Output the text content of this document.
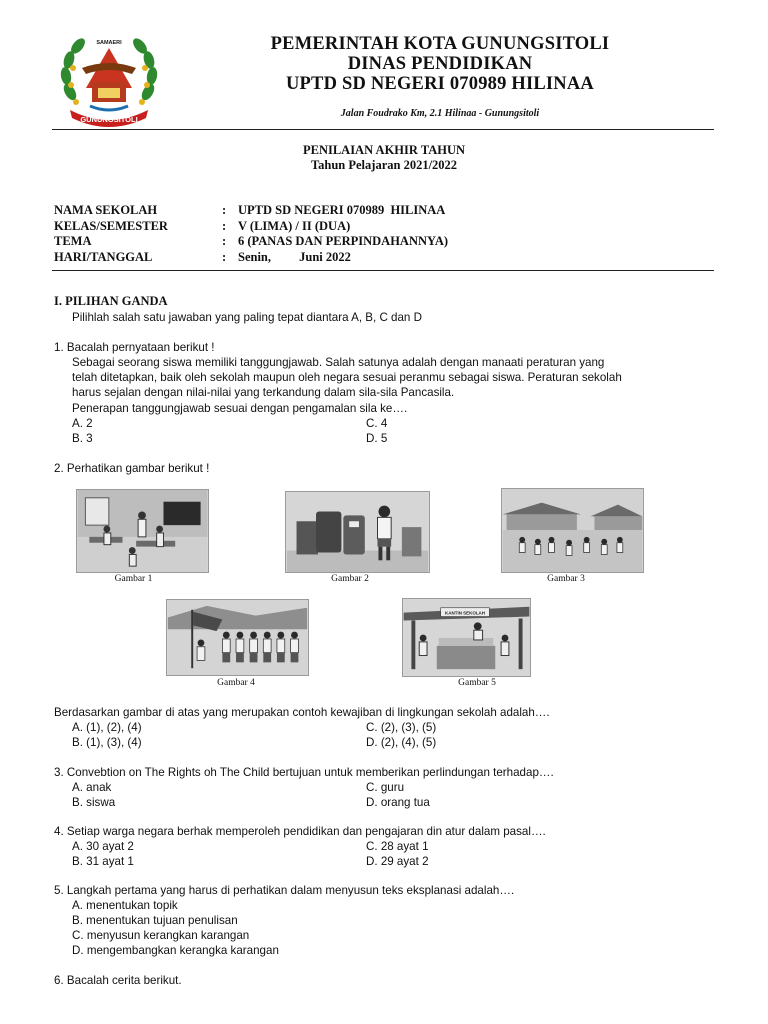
GUNUNGSITOLI
SAMAERI	PEMERINTAH KOTA GUNUNGSITOLI
DINAS PENDIDIKAN
UPTD SD NEGERI 070989 HILINAA
Jalan Foudrako Km, 2.1 Hilinaa - Gunungsitoli
PENILAIAN AKHIR TAHUN
Tahun Pelajaran 2021/2022
NAMA SEKOLAH	: UPTD SD NEGERI 070989  HILINAA
KELAS/SEMESTER	: V (LIMA) / II (DUA)
TEMA	: 6 (PANAS DAN PERPINDAHANNYA)
HARI/TANGGAL	: Senin,         Juni 2022
I. PILIHAN GANDA
Pilihlah salah satu jawaban yang paling tepat diantara A, B, C dan D
1. Bacalah pernyataan berikut !
Sebagai seorang siswa memiliki tanggungjawab. Salah satunya adalah dengan manaati peraturan yang
telah ditetapkan, baik oleh sekolah maupun oleh negara sesuai peranmu sebagai siswa. Peraturan sekolah
harus sejalan dengan nilai-nilai yang terkandung dalam sila-sila Pancasila.
Penerapan tanggungjawab sesuai dengan pengamalan sila ke….
A. 2
B. 3
C. 4
D. 5
2. Perhatikan gambar berikut !
Gambar 1	Gambar 2	Gambar 3
Gambar 4
KANTIN SEKOLAH
Gambar 5
Berdasarkan gambar di atas yang merupakan contoh kewajiban di lingkungan sekolah adalah….
A. (1), (2), (4)
B. (1), (3), (4)
C. (2), (3), (5)
D. (2), (4), (5)
3. Convebtion on The Rights oh The Child bertujuan untuk memberikan perlindungan terhadap….
A. anak
B. siswa
C. guru
D. orang tua
4. Setiap warga negara berhak memperoleh pendidikan dan pengajaran din atur dalam pasal….
A. 30 ayat 2
B. 31 ayat 1
C. 28 ayat 1
D. 29 ayat 2
5. Langkah pertama yang harus di perhatikan dalam menyusun teks eksplanasi adalah….
A. menentukan topik
B. menentukan tujuan penulisan
C. menyusun kerangkan karangan
D. mengembangkan kerangka karangan
6. Bacalah cerita berikut.
